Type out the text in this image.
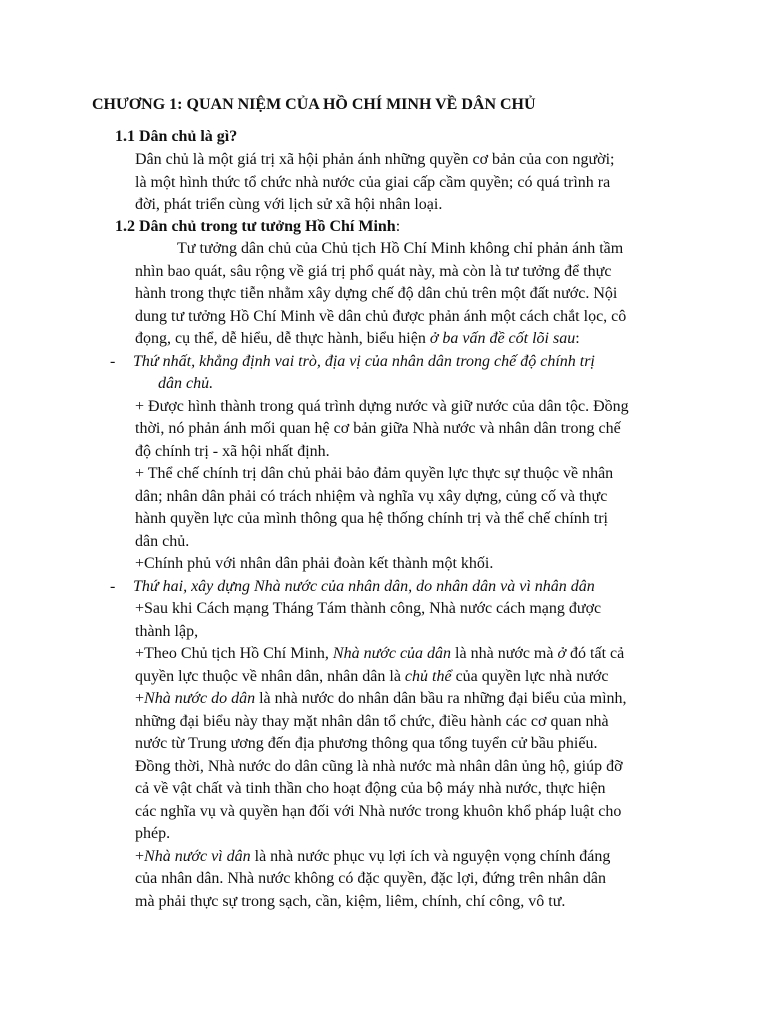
CHƯƠNG 1: QUAN NIỆM CỦA HỒ CHÍ MINH VỀ DÂN CHỦ
1.1 Dân chủ là gì?
Dân chủ là một giá trị xã hội phản ánh những quyền cơ bản của con người;
là một hình thức tổ chức nhà nước của giai cấp cầm quyền; có quá trình ra
đời, phát triển cùng với lịch sử xã hội nhân loại.
1.2 Dân chủ trong tư tưởng Hồ Chí Minh:
Tư tưởng dân chủ của Chủ tịch Hồ Chí Minh không chỉ phản ánh tầm
nhìn bao quát, sâu rộng về giá trị phổ quát này, mà còn là tư tưởng để thực
hành trong thực tiễn nhằm xây dựng chế độ dân chủ trên một đất nước. Nội
dung tư tưởng Hồ Chí Minh về dân chủ được phản ánh một cách chắt lọc, cô
đọng, cụ thể, dễ hiểu, dễ thực hành, biểu hiện ở ba vấn đề cốt lõi sau:
- Thứ nhất, khẳng định vai trò, địa vị của nhân dân trong chế độ chính trị
dân chủ.
+ Được hình thành trong quá trình dựng nước và giữ nước của dân tộc. Đồng
thời, nó phản ánh mối quan hệ cơ bản giữa Nhà nước và nhân dân trong chế
độ chính trị - xã hội nhất định.
+ Thể chế chính trị dân chủ phải bảo đảm quyền lực thực sự thuộc về nhân
dân; nhân dân phải có trách nhiệm và nghĩa vụ xây dựng, củng cố và thực
hành quyền lực của mình thông qua hệ thống chính trị và thể chế chính trị
dân chủ.
+Chính phủ với nhân dân phải đoàn kết thành một khối.
- Thứ hai, xây dựng Nhà nước của nhân dân, do nhân dân và vì nhân dân
+Sau khi Cách mạng Tháng Tám thành công, Nhà nước cách mạng được
thành lập,
+Theo Chủ tịch Hồ Chí Minh, Nhà nước của dân là nhà nước mà ở đó tất cả
quyền lực thuộc về nhân dân, nhân dân là chủ thể của quyền lực nhà nước
+Nhà nước do dân là nhà nước do nhân dân bầu ra những đại biểu của mình,
những đại biểu này thay mặt nhân dân tổ chức, điều hành các cơ quan nhà
nước từ Trung ương đến địa phương thông qua tổng tuyển cử bầu phiếu.
Đồng thời, Nhà nước do dân cũng là nhà nước mà nhân dân ủng hộ, giúp đỡ
cả về vật chất và tinh thần cho hoạt động của bộ máy nhà nước, thực hiện
các nghĩa vụ và quyền hạn đối với Nhà nước trong khuôn khổ pháp luật cho
phép.
+Nhà nước vì dân là nhà nước phục vụ lợi ích và nguyện vọng chính đáng
của nhân dân. Nhà nước không có đặc quyền, đặc lợi, đứng trên nhân dân
mà phải thực sự trong sạch, cần, kiệm, liêm, chính, chí công, vô tư.
